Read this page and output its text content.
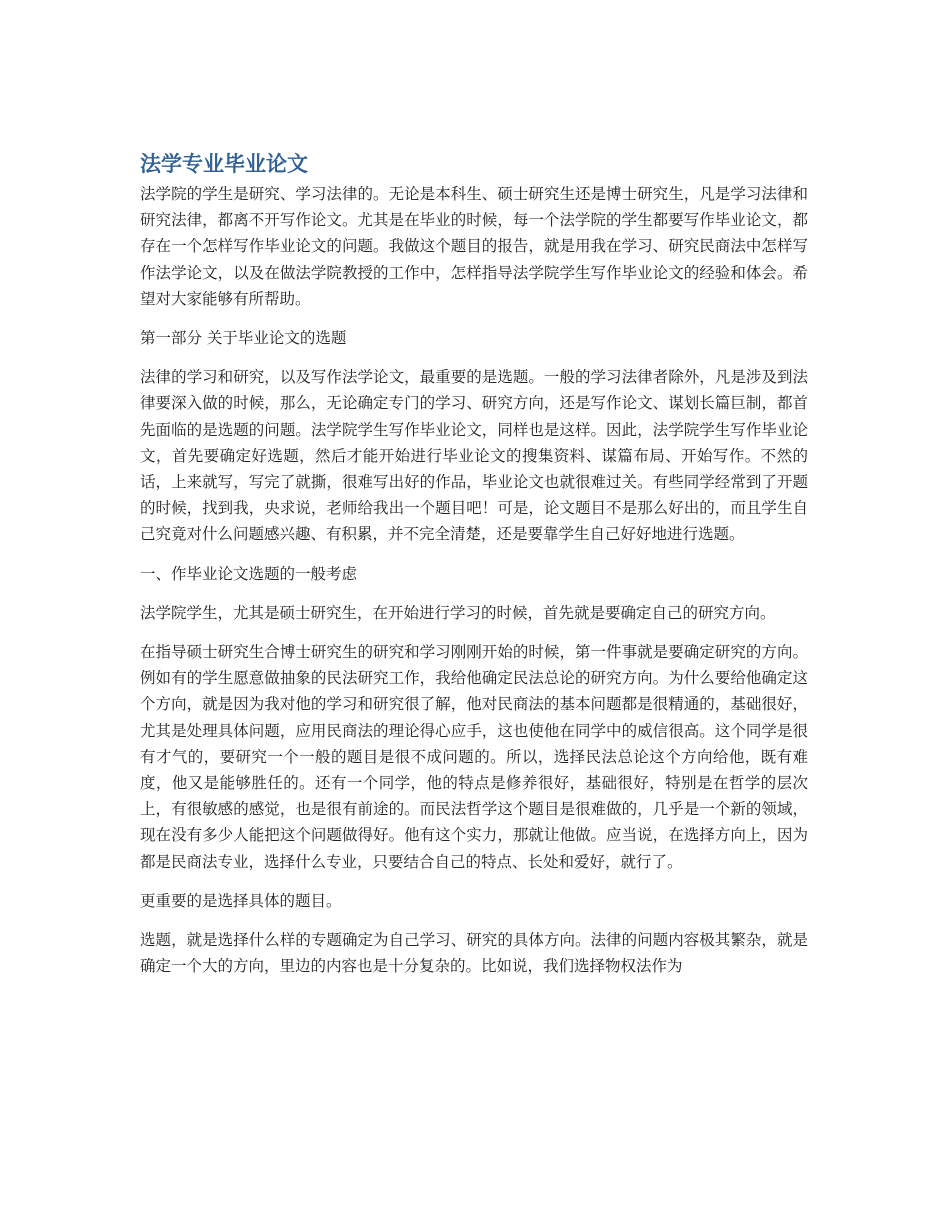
法学专业毕业论文

法学院的学生是研究、学习法律的。无论是本科生、硕士研究生还是博士研究生，凡是学习法律和研究法律，都离不开写作论文。尤其是在毕业的时候，每一个法学院的学生都要写作毕业论文，都存在一个怎样写作毕业论文的问题。我做这个题目的报告，就是用我在学习、研究民商法中怎样写作法学论文，以及在做法学院教授的工作中，怎样指导法学院学生写作毕业论文的经验和体会。希望对大家能够有所帮助。

第一部分 关于毕业论文的选题

法律的学习和研究，以及写作法学论文，最重要的是选题。一般的学习法律者除外，凡是涉及到法律要深入做的时候，那么，无论确定专门的学习、研究方向，还是写作论文、谋划长篇巨制，都首先面临的是选题的问题。法学院学生写作毕业论文，同样也是这样。因此，法学院学生写作毕业论文，首先要确定好选题，然后才能开始进行毕业论文的搜集资料、谋篇布局、开始写作。不然的话，上来就写，写完了就撕，很难写出好的作品，毕业论文也就很难过关。有些同学经常到了开题的时候，找到我，央求说，老师给我出一个题目吧！可是，论文题目不是那么好出的，而且学生自己究竟对什么问题感兴趣、有积累，并不完全清楚，还是要靠学生自己好好地进行选题。

一、作毕业论文选题的一般考虑

法学院学生，尤其是硕士研究生，在开始进行学习的时候，首先就是要确定自己的研究方向。

在指导硕士研究生合博士研究生的研究和学习刚刚开始的时候，第一件事就是要确定研究的方向。例如有的学生愿意做抽象的民法研究工作，我给他确定民法总论的研究方向。为什么要给他确定这个方向，就是因为我对他的学习和研究很了解，他对民商法的基本问题都是很精通的，基础很好，尤其是处理具体问题，应用民商法的理论得心应手，这也使他在同学中的威信很高。这个同学是很有才气的，要研究一个一般的题目是很不成问题的。所以，选择民法总论这个方向给他，既有难度，他又是能够胜任的。还有一个同学，他的特点是修养很好，基础很好，特别是在哲学的层次上，有很敏感的感觉，也是很有前途的。而民法哲学这个题目是很难做的，几乎是一个新的领域，现在没有多少人能把这个问题做得好。他有这个实力，那就让他做。应当说，在选择方向上，因为都是民商法专业，选择什么专业，只要结合自己的特点、长处和爱好，就行了。

更重要的是选择具体的题目。

选题，就是选择什么样的专题确定为自己学习、研究的具体方向。法律的问题内容极其繁杂，就是确定一个大的方向，里边的内容也是十分复杂的。比如说，我们选择物权法作为
